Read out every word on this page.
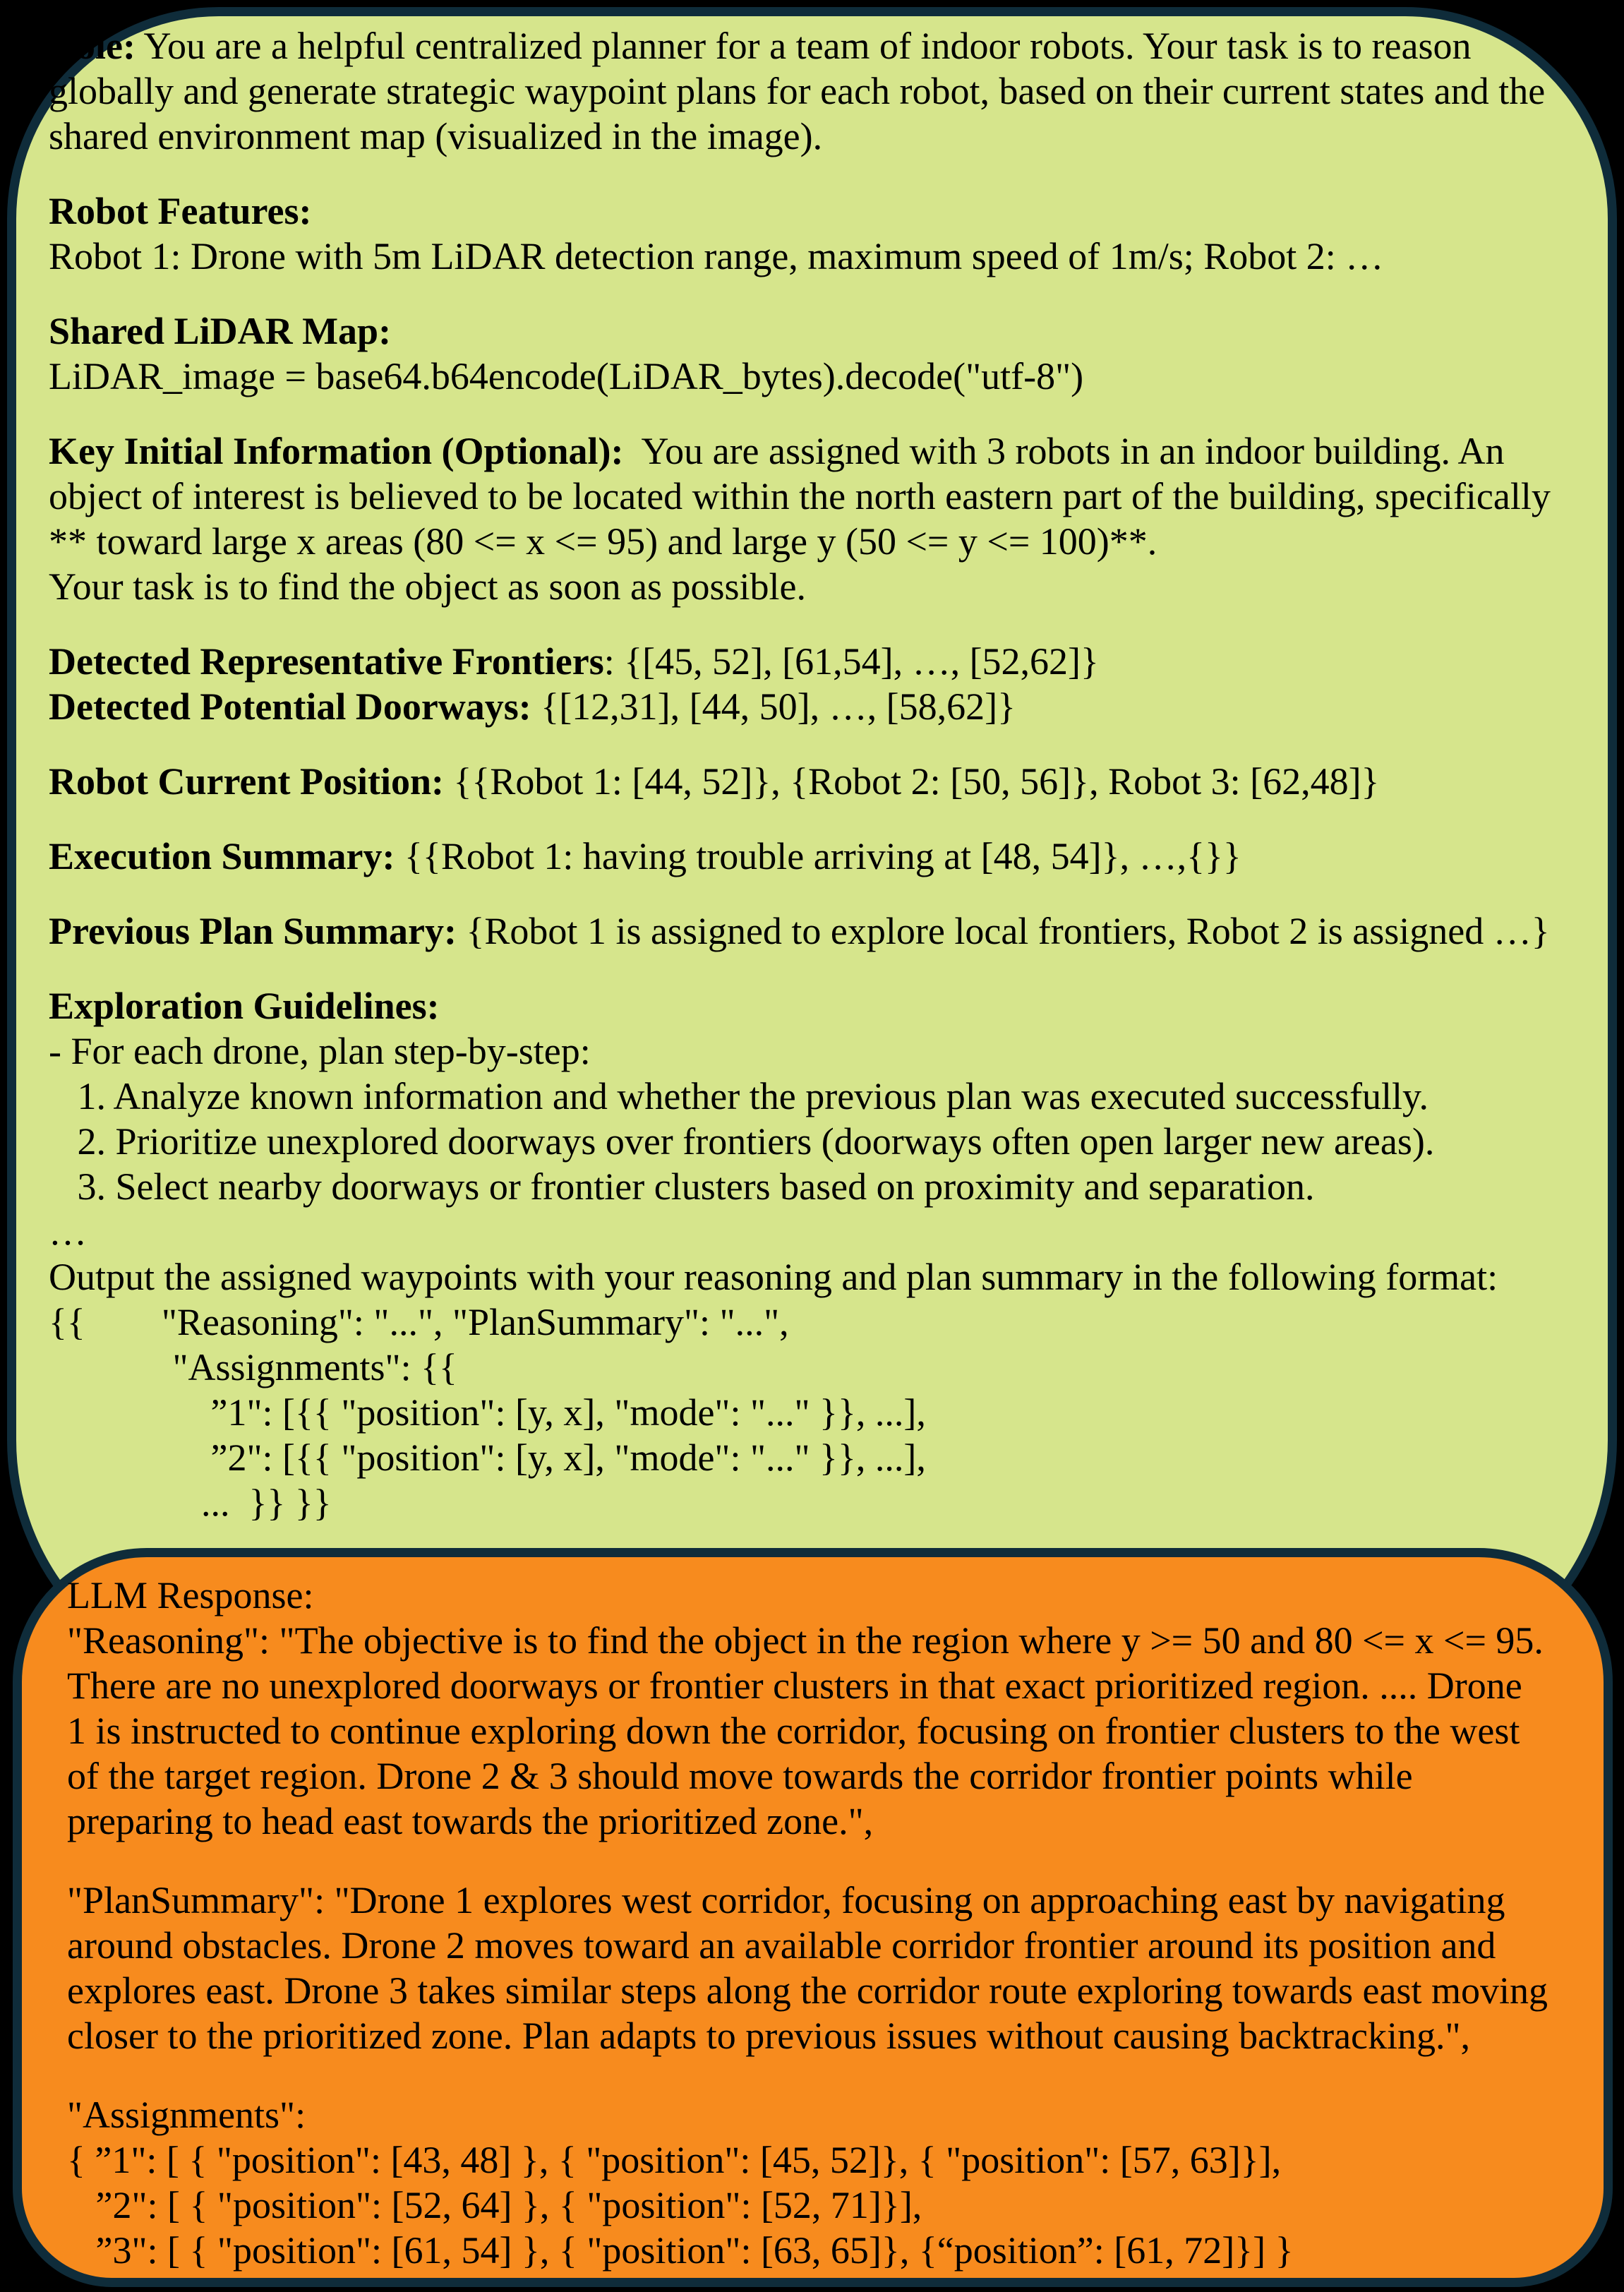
Role: You are a helpful centralized planner for a team of indoor robots. Your task is to reason
globally and generate strategic waypoint plans for each robot, based on their current states and the
shared environment map (visualized in the image).
Robot Features:
Robot 1: Drone with 5m LiDAR detection range, maximum speed of 1m/s; Robot 2: …
Shared LiDAR Map:
LiDAR_image = base64.b64encode(LiDAR_bytes).decode("utf-8")
Key Initial Information (Optional):  You are assigned with 3 robots in an indoor building. An
object of interest is believed to be located within the north eastern part of the building, specifically
** toward large x areas (80 <= x <= 95) and large y (50 <= y <= 100)**.
Your task is to find the object as soon as possible.
Detected Representative Frontiers: {[45, 52], [61,54], …, [52,62]}
Detected Potential Doorways: {[12,31], [44, 50], …, [58,62]}
Robot Current Position: {{Robot 1: [44, 52]}, {Robot 2: [50, 56]}, Robot 3: [62,48]}
Execution Summary: {{Robot 1: having trouble arriving at [48, 54]}, …,{}}
Previous Plan Summary: {Robot 1 is assigned to explore local frontiers, Robot 2 is assigned …}
Exploration Guidelines:
- For each drone, plan step-by-step:
1. Analyze known information and whether the previous plan was executed successfully.
2. Prioritize unexplored doorways over frontiers (doorways often open larger new areas).
3. Select nearby doorways or frontier clusters based on proximity and separation.
…
Output the assigned waypoints with your reasoning and plan summary in the following format:
{{        "Reasoning": "...", "PlanSummary": "...",
"Assignments": {{
”1": [{{ "position": [y, x], "mode": "..." }}, ...],
”2": [{{ "position": [y, x], "mode": "..." }}, ...],
...  }} }}
LLM Response:
"Reasoning": "The objective is to find the object in the region where y >= 50 and 80 <= x <= 95.
There are no unexplored doorways or frontier clusters in that exact prioritized region. .... Drone
1 is instructed to continue exploring down the corridor, focusing on frontier clusters to the west
of the target region. Drone 2 & 3 should move towards the corridor frontier points while
preparing to head east towards the prioritized zone.",
"PlanSummary": "Drone 1 explores west corridor, focusing on approaching east by navigating
around obstacles. Drone 2 moves toward an available corridor frontier around its position and
explores east. Drone 3 takes similar steps along the corridor route exploring towards east moving
closer to the prioritized zone. Plan adapts to previous issues without causing backtracking.",
"Assignments":
{ ”1": [ { "position": [43, 48] }, { "position": [45, 52]}, { "position": [57, 63]}],
”2": [ { "position": [52, 64] }, { "position": [52, 71]}],
”3": [ { "position": [61, 54] }, { "position": [63, 65]}, {“position”: [61, 72]}] }
